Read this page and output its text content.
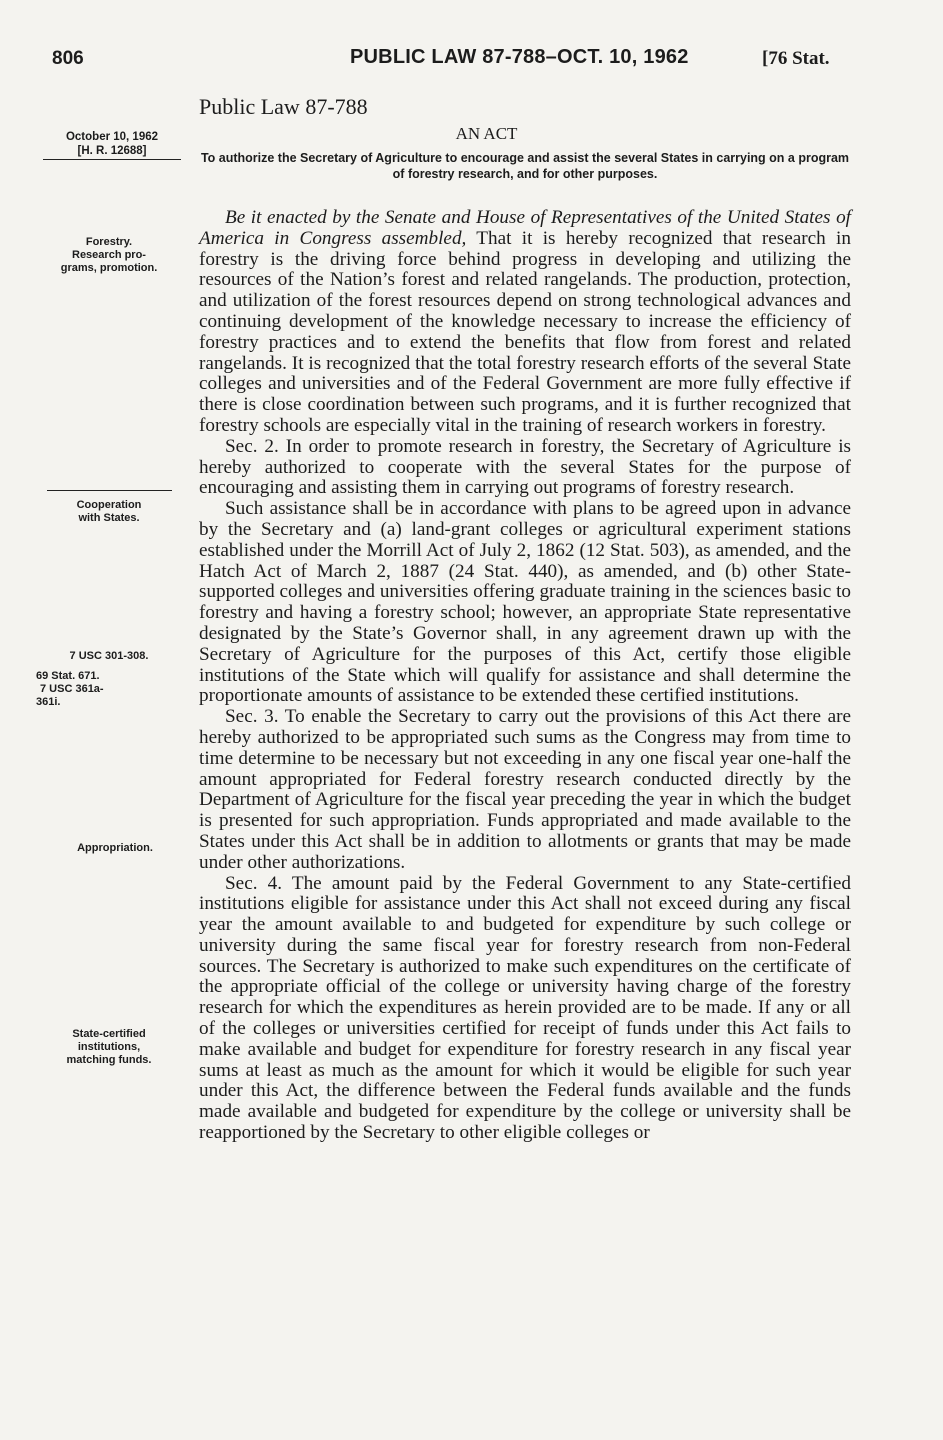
806	PUBLIC LAW 87-788–OCT. 10, 1962	[76 Stat.
Public Law 87-788
October 10, 1962
[H. R. 12688]
AN ACT
To authorize the Secretary of Agriculture to encourage and assist the several States in carrying on a program of forestry research, and for other purposes.
Forestry.
Research pro-
grams, promotion.
Cooperation
with States.
7 USC 301-308.
69 Stat. 671.
7 USC 361a-
361i.
Appropriation.
State-certified
institutions,
matching funds.

Be it enacted by the Senate and House of Representatives of the United States of America in Congress assembled, That it is hereby recognized that research in forestry is the driving force behind progress in developing and utilizing the resources of the Nation’s forest and related rangelands. The production, protection, and utilization of the forest resources depend on strong technological advances and continuing development of the knowledge necessary to increase the efficiency of forestry practices and to extend the benefits that flow from forest and related rangelands. It is recognized that the total forestry research efforts of the several State colleges and universities and of the Federal Government are more fully effective if there is close coordination between such programs, and it is further recognized that forestry schools are especially vital in the training of research workers in forestry.

Sec. 2. In order to promote research in forestry, the Secretary of Agriculture is hereby authorized to cooperate with the several States for the purpose of encouraging and assisting them in carrying out programs of forestry research.

Such assistance shall be in accordance with plans to be agreed upon in advance by the Secretary and (a) land-grant colleges or agricultural experiment stations established under the Morrill Act of July 2, 1862 (12 Stat. 503), as amended, and the Hatch Act of March 2, 1887 (24 Stat. 440), as amended, and (b) other State-supported colleges and universities offering graduate training in the sciences basic to forestry and having a forestry school; however, an appropriate State representative designated by the State’s Governor shall, in any agreement drawn up with the Secretary of Agriculture for the purposes of this Act, certify those eligible institutions of the State which will qualify for assistance and shall determine the proportionate amounts of assistance to be extended these certified institutions.

Sec. 3. To enable the Secretary to carry out the provisions of this Act there are hereby authorized to be appropriated such sums as the Congress may from time to time determine to be necessary but not exceeding in any one fiscal year one-half the amount appropriated for Federal forestry research conducted directly by the Department of Agriculture for the fiscal year preceding the year in which the budget is presented for such appropriation. Funds appropriated and made available to the States under this Act shall be in addition to allotments or grants that may be made under other authorizations.

Sec. 4. The amount paid by the Federal Government to any State-certified institutions eligible for assistance under this Act shall not exceed during any fiscal year the amount available to and budgeted for expenditure by such college or university during the same fiscal year for forestry research from non-Federal sources. The Secretary is authorized to make such expenditures on the certificate of the appropriate official of the college or university having charge of the forestry research for which the expenditures as herein provided are to be made. If any or all of the colleges or universities certified for receipt of funds under this Act fails to make available and budget for expenditure for forestry research in any fiscal year sums at least as much as the amount for which it would be eligible for such year under this Act, the difference between the Federal funds available and the funds made available and budgeted for expenditure by the college or university shall be reapportioned by the Secretary to other eligible colleges or
